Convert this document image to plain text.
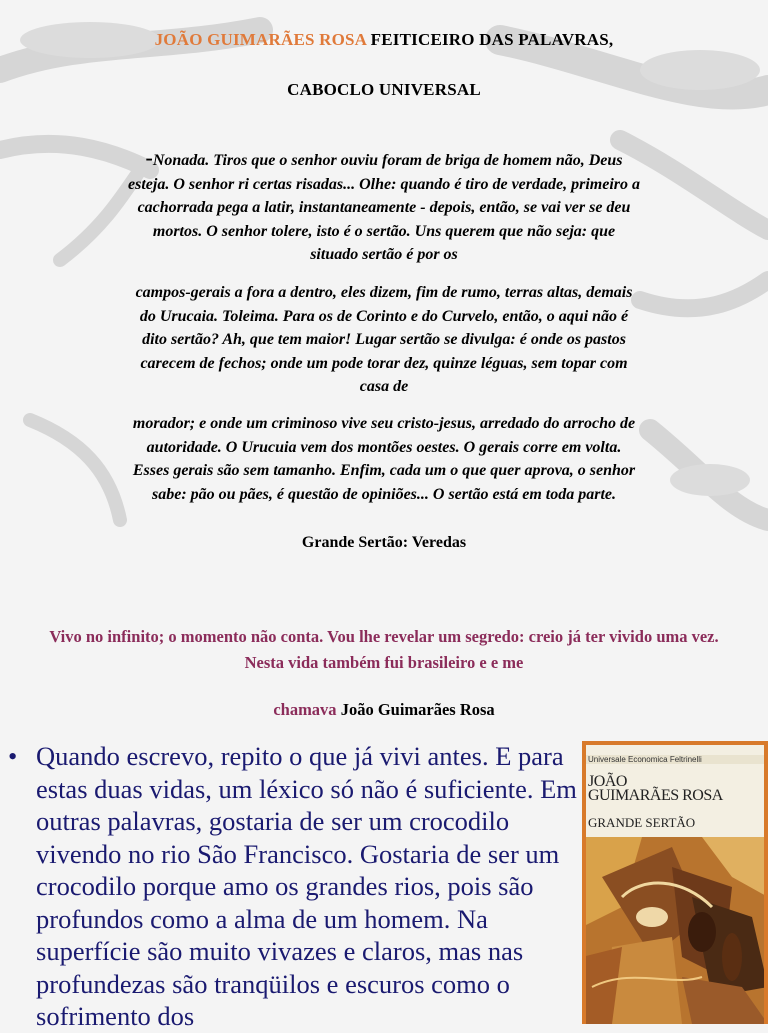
JOÃO GUIMARÃES ROSA FEITICEIRO DAS PALAVRAS,
CABOCLO UNIVERSAL

-Nonada. Tiros que o senhor ouviu foram de briga de homem não, Deus esteja. O senhor ri certas risadas... Olhe: quando é tiro de verdade, primeiro a cachorrada pega a latir, instantaneamente - depois, então, se vai ver se deu mortos. O senhor tolere, isto é o sertão. Uns querem que não seja: que situado sertão é por os

campos-gerais a fora a dentro, eles dizem, fim de rumo, terras altas, demais do Urucaia. Toleima. Para os de Corinto e do Curvelo, então, o aqui não é dito sertão? Ah, que tem maior! Lugar sertão se divulga: é onde os pastos carecem de fechos; onde um pode torar dez, quinze léguas, sem topar com casa de

morador; e onde um criminoso vive seu cristo-jesus, arredado do arrocho de autoridade. O Urucuia vem dos montões oestes. O gerais corre em volta. Esses gerais são sem tamanho. Enfim, cada um o que quer aprova, o senhor sabe: pão ou pães, é questão de opiniões... O sertão está em toda parte.

Grande Sertão: Veredas
Vivo no infinito; o momento não conta. Vou lhe revelar um segredo: creio já ter vivido uma vez. Nesta vida também fui brasileiro e e me
chamava João Guimarães Rosa
• Quando escrevo, repito o que já vivi antes. E para estas duas vidas, um léxico só não é suficiente. Em outras palavras, gostaria de ser um crocodilo vivendo no rio São Francisco. Gostaria de ser um crocodilo porque amo os grandes rios, pois são profundos como a alma de um homem. Na superfície são muito vivazes e claros, mas nas profundezas são tranqüilos e escuros como o sofrimento dos
Universale Economica Feltrinelli
JOÃO
GUIMARÃES ROSA
GRANDE SERTÃO
